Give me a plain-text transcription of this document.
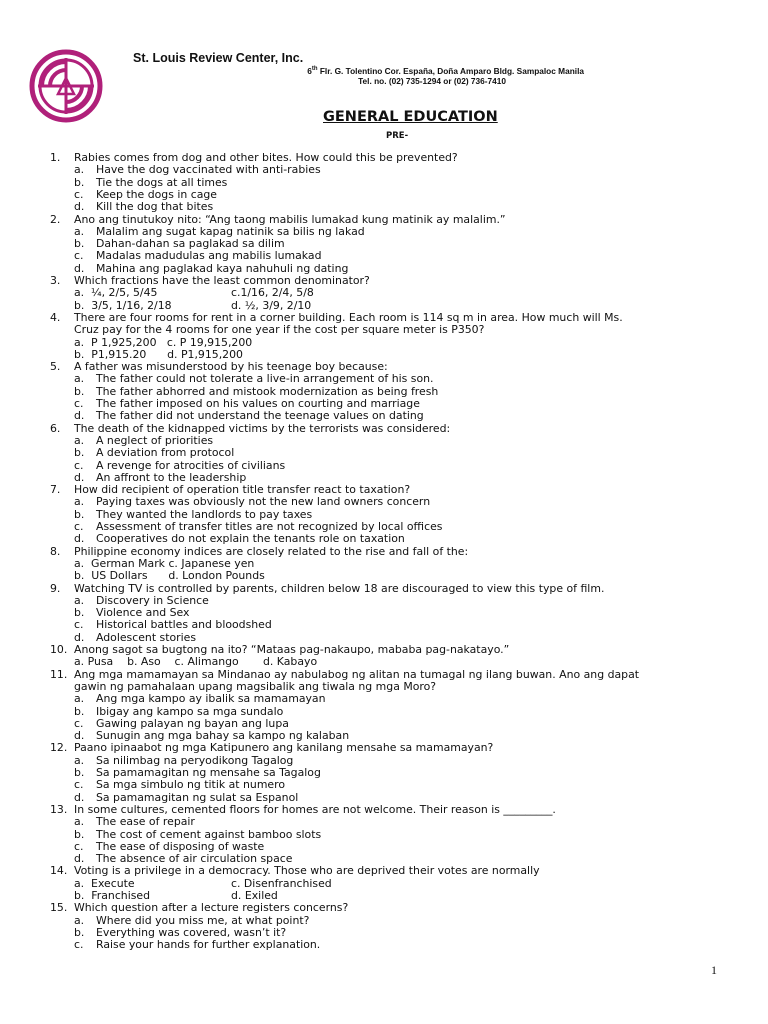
St. Louis Review Center, Inc.
6th Flr. G. Tolentino Cor. España, Doña Amparo Bldg. Sampaloc Manila
Tel. no. (02) 735-1294 or (02) 736-7410
GENERAL EDUCATION
PRE-
1. Rabies comes from dog and other bites. How could this be prevented?
a. Have the dog vaccinated with anti-rabies
b. Tie the dogs at all times
c. Keep the dogs in cage
d. Kill the dog that bites
2. Ano ang tinutukoy nito: “Ang taong mabilis lumakad kung matinik ay malalim.”
a. Malalim ang sugat kapag natinik sa bilis ng lakad
b. Dahan-dahan sa paglakad sa dilim
c. Madalas madudulas ang mabilis lumakad
d. Mahina ang paglakad kaya nahuhuli ng dating
3. Which fractions have the least common denominator?
a.  ¼, 2/5, 5/45	c.1/16, 2/4, 5/8
b.  3/5, 1/16, 2/18	d. ½, 3/9, 2/10
4. There are four rooms for rent in a corner building. Each room is 114 sq m in area. How much will Ms.
Cruz pay for the 4 rooms for one year if the cost per square meter is P350?
a.  P 1,925,200   c. P 19,915,200
b.  P1,915.20      d. P1,915,200
5. A father was misunderstood by his teenage boy because:
a. The father could not tolerate a live-in arrangement of his son.
b. The father abhorred and mistook modernization as being fresh
c. The father imposed on his values on courting and marriage
d. The father did not understand the teenage values on dating
6. The death of the kidnapped victims by the terrorists was considered:
a. A neglect of priorities
b. A deviation from protocol
c. A revenge for atrocities of civilians
d. An affront to the leadership
7. How did recipient of operation title transfer react to taxation?
a. Paying taxes was obviously not the new land owners concern
b. They wanted the landlords to pay taxes
c. Assessment of transfer titles are not recognized by local offices
d. Cooperatives do not explain the tenants role on taxation
8. Philippine economy indices are closely related to the rise and fall of the:
a.  German Mark c. Japanese yen
b.  US Dollars      d. London Pounds
9. Watching TV is controlled by parents, children below 18 are discouraged to view this type of film.
a. Discovery in Science
b. Violence and Sex
c. Historical battles and bloodshed
d. Adolescent stories
10. Anong sagot sa bugtong na ito? “Mataas pag-nakaupo, mababa pag-nakatayo.”
a. Pusa    b. Aso    c. Alimango       d. Kabayo
11. Ang mga mamamayan sa Mindanao ay nabulabog ng alitan na tumagal ng ilang buwan. Ano ang dapat
gawin ng pamahalaan upang magsibalik ang tiwala ng mga Moro?
a. Ang mga kampo ay ibalik sa mamamayan
b. Ibigay ang kampo sa mga sundalo
c. Gawing palayan ng bayan ang lupa
d. Sunugin ang mga bahay sa kampo ng kalaban
12. Paano ipinaabot ng mga Katipunero ang kanilang mensahe sa mamamayan?
a. Sa nilimbag na peryodikong Tagalog
b. Sa pamamagitan ng mensahe sa Tagalog
c. Sa mga simbulo ng titik at numero
d. Sa pamamagitan ng sulat sa Espanol
13. In some cultures, cemented floors for homes are not welcome. Their reason is _________.
a. The ease of repair
b. The cost of cement against bamboo slots
c. The ease of disposing of waste
d. The absence of air circulation space
14. Voting is a privilege in a democracy. Those who are deprived their votes are normally
a.  Execute	c. Disenfranchised
b.  Franchised	d. Exiled
15. Which question after a lecture registers concerns?
a. Where did you miss me, at what point?
b. Everything was covered, wasn’t it?
c. Raise your hands for further explanation.
1
